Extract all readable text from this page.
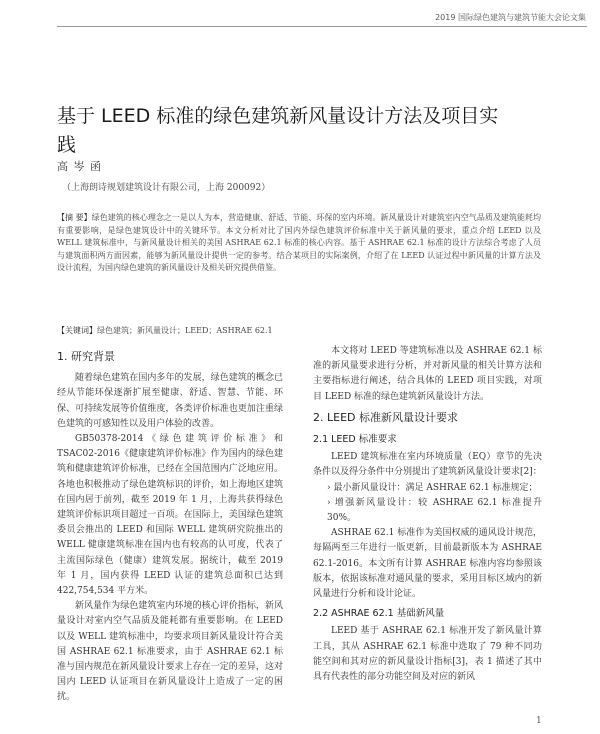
2019 国际绿色建筑与建筑节能大会论文集
基于 LEED 标准的绿色建筑新风量设计方法及项目实践
高 岑 函
（上海朗诗规划建筑设计有限公司，上海 200092）
【摘 要】绿色建筑的核心理念之一是以人为本，营造健康、舒适、节能、环保的室内环境。新风量设计对建筑室内空气品质及建筑能耗均有重要影响，是绿色建筑设计中的关键环节。本文分析对比了国内外绿色建筑评价标准中关于新风量的要求，重点介绍 LEED 以及 WELL 建筑标准中，与新风量设计相关的美国 ASHRAE 62.1 标准的核心内容。基于 ASHRAE 62.1 标准的设计方法综合考虑了人员与建筑面积两方面因素，能够为新风量设计提供一定的参考。结合某项目的实际案例，介绍了在 LEED 认证过程中新风量的计算方法及设计流程，为国内绿色建筑的新风量设计及相关研究提供借鉴。
【关键词】绿色建筑；新风量设计；LEED；ASHRAE 62.1
1. 研究背景

随着绿色建筑在国内多年的发展，绿色建筑的概念已经从节能环保逐渐扩展至健康、舒适、智慧、节能、环保、可持续发展等价值维度，各类评价标准也更加注重绿色建筑的可感知性以及用户体验的改善。

GB50378-2014《绿色建筑评价标准》和 TSAC02-2016《健康建筑评价标准》作为国内的绿色建筑和健康建筑评价标准，已经在全国范围内广泛地应用。各地也积极推动了绿色建筑标识的评价，如上海地区建筑在国内居于前列，截至 2019 年 1 月，上海共获得绿色建筑评价标识项目超过一百项。在国际上，美国绿色建筑委员会推出的 LEED 和国际 WELL 建筑研究院推出的 WELL 健康建筑标准在国内也有较高的认可度，代表了主流国际绿色（健康）建筑发展。据统计，截至 2019 年 1 月，国内获得 LEED 认证的建筑总面积已达到 422,754,534 平方米。

新风量作为绿色建筑室内环境的核心评价指标，新风量设计对室内空气品质及能耗都有重要影响。在 LEED 以及 WELL 建筑标准中，均要求项目新风量设计符合美国 ASHRAE 62.1 标准要求，由于 ASHRAE 62.1 标准与国内规范在新风量设计要求上存在一定的差异，这对国内 LEED 认证项目在新风量设计上造成了一定的困扰。

本文将对 LEED 等建筑标准以及 ASHRAE 62.1 标准的新风量要求进行分析，并对新风量的相关计算方法和主要指标进行阐述，结合具体的 LEED 项目实践，对项目 LEED 标准的绿色建筑新风量设计方法。

2. LEED 标准新风量设计要求
2.1 LEED 标准要求

LEED 建筑标准在室内环境质量（EQ）章节的先决条件以及得分条件中分别提出了建筑新风量设计要求[2]：

› 最小新风量设计：满足 ASHRAE 62.1 标准规定；

› 增强新风量设计：较 ASHRAE 62.1 标准提升 30%。

ASHRAE 62.1 标准作为美国权威的通风设计规范，每隔两至三年进行一版更新，目前最新版本为 ASHRAE 62.1-2016。本文所有计算 ASHRAE 标准内容均参照该版本，依据该标准对通风量的要求，采用目标区域内的新风量进行分析和设计论证。

2.2 ASHRAE 62.1 基础新风量

LEED 基于 ASHRAE 62.1 标准开发了新风量计算工具，其从 ASHRAE 62.1 标准中选取了 79 种不同功能空间和其对应的新风量设计指标[3]，表 1 描述了其中具有代表性的部分功能空间及对应的新风

1
